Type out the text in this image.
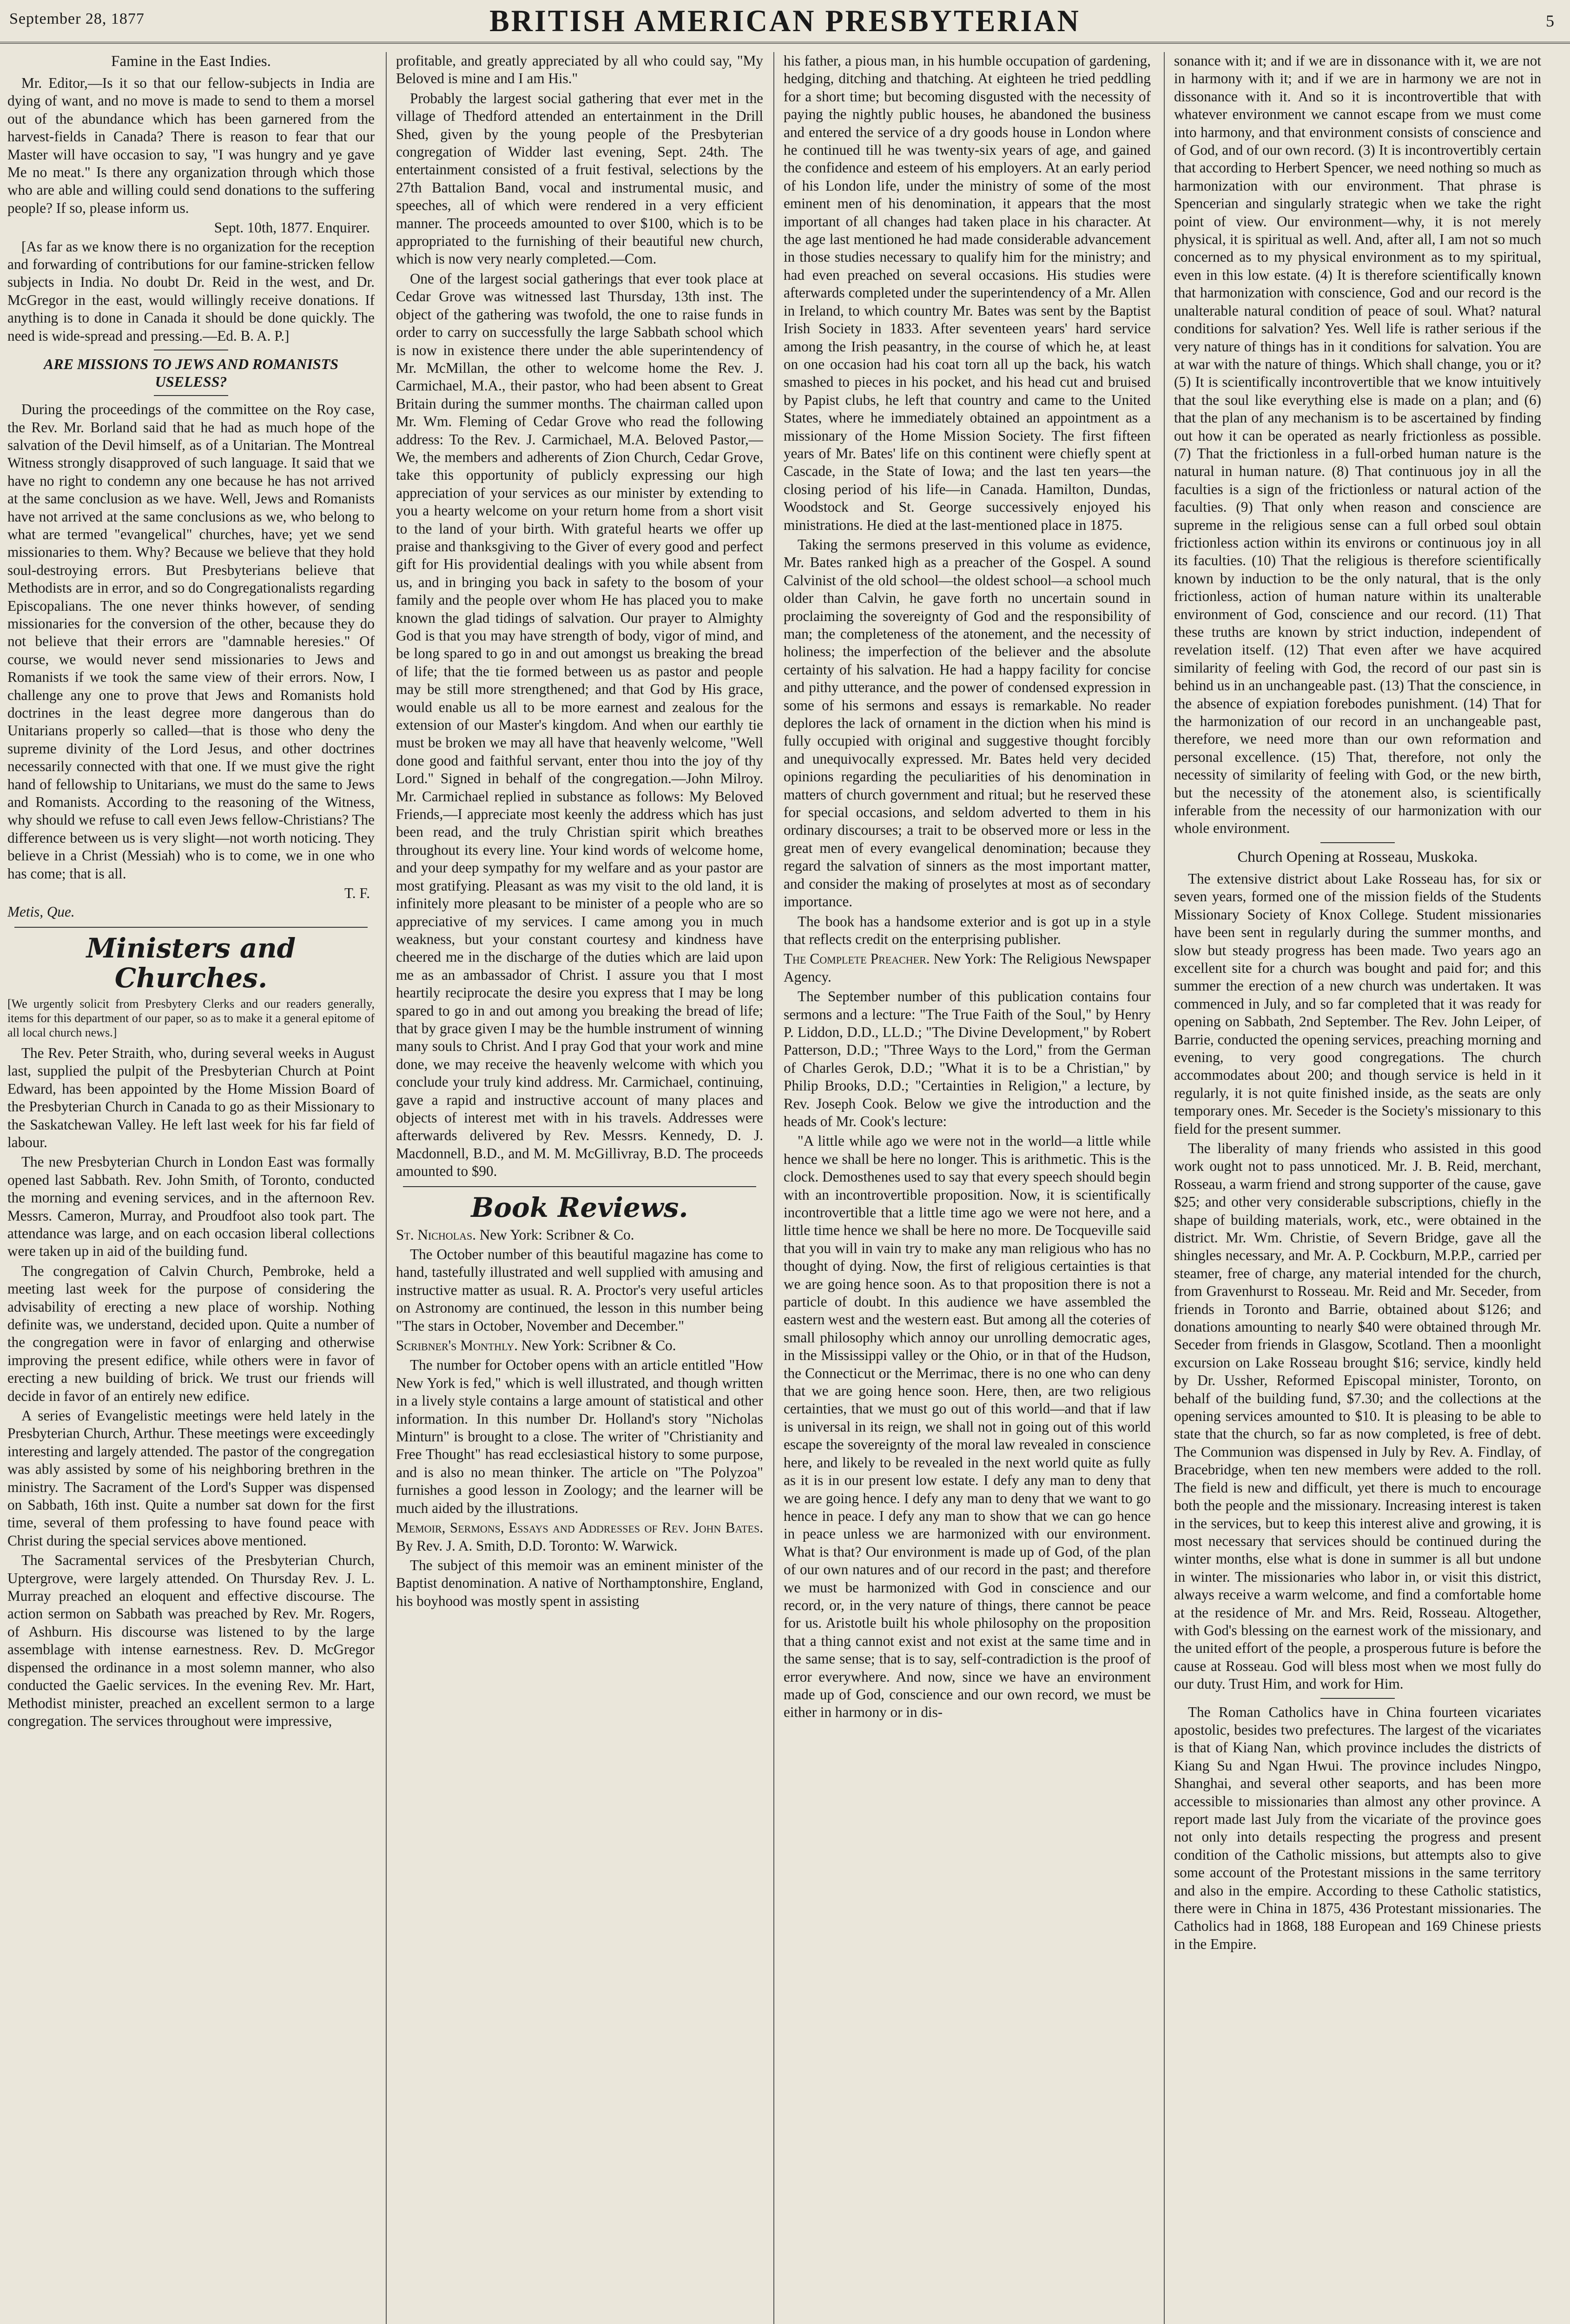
September 28, 1877	BRITISH AMERICAN PRESBYTERIAN	5
Famine in the East Indies.

Mr. Editor,—Is it so that our fellow-subjects in India are dying of want, and no move is made to send to them a morsel out of the abundance which has been garnered from the harvest-fields in Canada? There is reason to fear that our Master will have occasion to say, "I was hungry and ye gave Me no meat." Is there any organization through which those who are able and willing could send donations to the suffering people? If so, please inform us.

Sept. 10th, 1877. Enquirer.

[As far as we know there is no organization for the reception and forwarding of contributions for our famine-stricken fellow subjects in India. No doubt Dr. Reid in the west, and Dr. McGregor in the east, would willingly receive donations. If anything is to done in Canada it should be done quickly. The need is wide-spread and pressing.—Ed. B. A. P.]

ARE MISSIONS TO JEWS AND ROMANISTS USELESS?

During the proceedings of the committee on the Roy case, the Rev. Mr. Borland said that he had as much hope of the salvation of the Devil himself, as of a Unitarian. The Montreal Witness strongly disapproved of such language. It said that we have no right to condemn any one because he has not arrived at the same conclusion as we have. Well, Jews and Romanists have not arrived at the same conclusions as we, who belong to what are termed "evangelical" churches, have; yet we send missionaries to them. Why? Because we believe that they hold soul-destroying errors. But Presbyterians believe that Methodists are in error, and so do Congregationalists regarding Episcopalians. The one never thinks however, of sending missionaries for the conversion of the other, because they do not believe that their errors are "damnable heresies." Of course, we would never send missionaries to Jews and Romanists if we took the same view of their errors. Now, I challenge any one to prove that Jews and Romanists hold doctrines in the least degree more dangerous than do Unitarians properly so called—that is those who deny the supreme divinity of the Lord Jesus, and other doctrines necessarily connected with that one. If we must give the right hand of fellowship to Unitarians, we must do the same to Jews and Romanists. According to the reasoning of the Witness, why should we refuse to call even Jews fellow-Christians? The difference between us is very slight—not worth noticing. They believe in a Christ (Messiah) who is to come, we in one who has come; that is all.

T. F.

Metis, Que.

Ministers and Churches.

[We urgently solicit from Presbytery Clerks and our readers generally, items for this department of our paper, so as to make it a general epitome of all local church news.]

The Rev. Peter Straith, who, during several weeks in August last, supplied the pulpit of the Presbyterian Church at Point Edward, has been appointed by the Home Mission Board of the Presbyterian Church in Canada to go as their Missionary to the Saskatchewan Valley. He left last week for his far field of labour.

The new Presbyterian Church in London East was formally opened last Sabbath. Rev. John Smith, of Toronto, conducted the morning and evening services, and in the afternoon Rev. Messrs. Cameron, Murray, and Proudfoot also took part. The attendance was large, and on each occasion liberal collections were taken up in aid of the building fund.

The congregation of Calvin Church, Pembroke, held a meeting last week for the purpose of considering the advisability of erecting a new place of worship. Nothing definite was, we understand, decided upon. Quite a number of the congregation were in favor of enlarging and otherwise improving the present edifice, while others were in favor of erecting a new building of brick. We trust our friends will decide in favor of an entirely new edifice.

A series of Evangelistic meetings were held lately in the Presbyterian Church, Arthur. These meetings were exceedingly interesting and largely attended. The pastor of the congregation was ably assisted by some of his neighboring brethren in the ministry. The Sacrament of the Lord's Supper was dispensed on Sabbath, 16th inst. Quite a number sat down for the first time, several of them professing to have found peace with Christ during the special services above mentioned.

The Sacramental services of the Presbyterian Church, Uptergrove, were largely attended. On Thursday Rev. J. L. Murray preached an eloquent and effective discourse. The action sermon on Sabbath was preached by Rev. Mr. Rogers, of Ashburn. His discourse was listened to by the large assemblage with intense earnestness. Rev. D. McGregor dispensed the ordinance in a most solemn manner, who also conducted the Gaelic services. In the evening Rev. Mr. Hart, Methodist minister, preached an excellent sermon to a large congregation. The services throughout were impressive,

profitable, and greatly appreciated by all who could say, "My Beloved is mine and I am His."

Probably the largest social gathering that ever met in the village of Thedford attended an entertainment in the Drill Shed, given by the young people of the Presbyterian congregation of Widder last evening, Sept. 24th. The entertainment consisted of a fruit festival, selections by the 27th Battalion Band, vocal and instrumental music, and speeches, all of which were rendered in a very efficient manner. The proceeds amounted to over $100, which is to be appropriated to the furnishing of their beautiful new church, which is now very nearly completed.—Com.

One of the largest social gatherings that ever took place at Cedar Grove was witnessed last Thursday, 13th inst. The object of the gathering was twofold, the one to raise funds in order to carry on successfully the large Sabbath school which is now in existence there under the able superintendency of Mr. McMillan, the other to welcome home the Rev. J. Carmichael, M.A., their pastor, who had been absent to Great Britain during the summer months. The chairman called upon Mr. Wm. Fleming of Cedar Grove who read the following address: To the Rev. J. Carmichael, M.A. Beloved Pastor,—We, the members and adherents of Zion Church, Cedar Grove, take this opportunity of publicly expressing our high appreciation of your services as our minister by extending to you a hearty welcome on your return home from a short visit to the land of your birth. With grateful hearts we offer up praise and thanksgiving to the Giver of every good and perfect gift for His providential dealings with you while absent from us, and in bringing you back in safety to the bosom of your family and the people over whom He has placed you to make known the glad tidings of salvation. Our prayer to Almighty God is that you may have strength of body, vigor of mind, and be long spared to go in and out amongst us breaking the bread of life; that the tie formed between us as pastor and people may be still more strengthened; and that God by His grace, would enable us all to be more earnest and zealous for the extension of our Master's kingdom. And when our earthly tie must be broken we may all have that heavenly welcome, "Well done good and faithful servant, enter thou into the joy of thy Lord." Signed in behalf of the congregation.—John Milroy. Mr. Carmichael replied in substance as follows: My Beloved Friends,—I appreciate most keenly the address which has just been read, and the truly Christian spirit which breathes throughout its every line. Your kind words of welcome home, and your deep sympathy for my welfare and as your pastor are most gratifying. Pleasant as was my visit to the old land, it is infinitely more pleasant to be minister of a people who are so appreciative of my services. I came among you in much weakness, but your constant courtesy and kindness have cheered me in the discharge of the duties which are laid upon me as an ambassador of Christ. I assure you that I most heartily reciprocate the desire you express that I may be long spared to go in and out among you breaking the bread of life; that by grace given I may be the humble instrument of winning many souls to Christ. And I pray God that your work and mine done, we may receive the heavenly welcome with which you conclude your truly kind address. Mr. Carmichael, continuing, gave a rapid and instructive account of many places and objects of interest met with in his travels. Addresses were afterwards delivered by Rev. Messrs. Kennedy, D. J. Macdonnell, B.D., and M. M. McGillivray, B.D. The proceeds amounted to $90.

Book Reviews.

St. Nicholas. New York: Scribner & Co.

The October number of this beautiful magazine has come to hand, tastefully illustrated and well supplied with amusing and instructive matter as usual. R. A. Proctor's very useful articles on Astronomy are continued, the lesson in this number being "The stars in October, November and December."

Scribner's Monthly. New York: Scribner & Co.

The number for October opens with an article entitled "How New York is fed," which is well illustrated, and though written in a lively style contains a large amount of statistical and other information. In this number Dr. Holland's story "Nicholas Minturn" is brought to a close. The writer of "Christianity and Free Thought" has read ecclesiastical history to some purpose, and is also no mean thinker. The article on "The Polyzoa" furnishes a good lesson in Zoology; and the learner will be much aided by the illustrations.

Memoir, Sermons, Essays and Addresses of Rev. John Bates. By Rev. J. A. Smith, D.D. Toronto: W. Warwick.

The subject of this memoir was an eminent minister of the Baptist denomination. A native of Northamptonshire, England, his boyhood was mostly spent in assisting

his father, a pious man, in his humble occupation of gardening, hedging, ditching and thatching. At eighteen he tried peddling for a short time; but becoming disgusted with the necessity of paying the nightly public houses, he abandoned the business and entered the service of a dry goods house in London where he continued till he was twenty-six years of age, and gained the confidence and esteem of his employers. At an early period of his London life, under the ministry of some of the most eminent men of his denomination, it appears that the most important of all changes had taken place in his character. At the age last mentioned he had made considerable advancement in those studies necessary to qualify him for the ministry; and had even preached on several occasions. His studies were afterwards completed under the superintendency of a Mr. Allen in Ireland, to which country Mr. Bates was sent by the Baptist Irish Society in 1833. After seventeen years' hard service among the Irish peasantry, in the course of which he, at least on one occasion had his coat torn all up the back, his watch smashed to pieces in his pocket, and his head cut and bruised by Papist clubs, he left that country and came to the United States, where he immediately obtained an appointment as a missionary of the Home Mission Society. The first fifteen years of Mr. Bates' life on this continent were chiefly spent at Cascade, in the State of Iowa; and the last ten years—the closing period of his life—in Canada. Hamilton, Dundas, Woodstock and St. George successively enjoyed his ministrations. He died at the last-mentioned place in 1875.

Taking the sermons preserved in this volume as evidence, Mr. Bates ranked high as a preacher of the Gospel. A sound Calvinist of the old school—the oldest school—a school much older than Calvin, he gave forth no uncertain sound in proclaiming the sovereignty of God and the responsibility of man; the completeness of the atonement, and the necessity of holiness; the imperfection of the believer and the absolute certainty of his salvation. He had a happy facility for concise and pithy utterance, and the power of condensed expression in some of his sermons and essays is remarkable. No reader deplores the lack of ornament in the diction when his mind is fully occupied with original and suggestive thought forcibly and unequivocally expressed. Mr. Bates held very decided opinions regarding the peculiarities of his denomination in matters of church government and ritual; but he reserved these for special occasions, and seldom adverted to them in his ordinary discourses; a trait to be observed more or less in the great men of every evangelical denomination; because they regard the salvation of sinners as the most important matter, and consider the making of proselytes at most as of secondary importance.

The book has a handsome exterior and is got up in a style that reflects credit on the enterprising publisher.

The Complete Preacher. New York: The Religious Newspaper Agency.

The September number of this publication contains four sermons and a lecture: "The True Faith of the Soul," by Henry P. Liddon, D.D., LL.D.; "The Divine Development," by Robert Patterson, D.D.; "Three Ways to the Lord," from the German of Charles Gerok, D.D.; "What it is to be a Christian," by Philip Brooks, D.D.; "Certainties in Religion," a lecture, by Rev. Joseph Cook. Below we give the introduction and the heads of Mr. Cook's lecture:

"A little while ago we were not in the world—a little while hence we shall be here no longer. This is arithmetic. This is the clock. Demosthenes used to say that every speech should begin with an incontrovertible proposition. Now, it is scientifically incontrovertible that a little time ago we were not here, and a little time hence we shall be here no more. De Tocqueville said that you will in vain try to make any man religious who has no thought of dying. Now, the first of religious certainties is that we are going hence soon. As to that proposition there is not a particle of doubt. In this audience we have assembled the eastern west and the western east. But among all the coteries of small philosophy which annoy our unrolling democratic ages, in the Mississippi valley or the Ohio, or in that of the Hudson, the Connecticut or the Merrimac, there is no one who can deny that we are going hence soon. Here, then, are two religious certainties, that we must go out of this world—and that if law is universal in its reign, we shall not in going out of this world escape the sovereignty of the moral law revealed in conscience here, and likely to be revealed in the next world quite as fully as it is in our present low estate. I defy any man to deny that we are going hence. I defy any man to deny that we want to go hence in peace. I defy any man to show that we can go hence in peace unless we are harmonized with our environment. What is that? Our environment is made up of God, of the plan of our own natures and of our record in the past; and therefore we must be harmonized with God in conscience and our record, or, in the very nature of things, there cannot be peace for us. Aristotle built his whole philosophy on the proposition that a thing cannot exist and not exist at the same time and in the same sense; that is to say, self-contradiction is the proof of error everywhere. And now, since we have an environment made up of God, conscience and our own record, we must be either in harmony or in dis-

sonance with it; and if we are in dissonance with it, we are not in harmony with it; and if we are in harmony we are not in dissonance with it. And so it is incontrovertible that with whatever environment we cannot escape from we must come into harmony, and that environment consists of conscience and of God, and of our own record. (3) It is incontrovertibly certain that according to Herbert Spencer, we need nothing so much as harmonization with our environment. That phrase is Spencerian and singularly strategic when we take the right point of view. Our environment—why, it is not merely physical, it is spiritual as well. And, after all, I am not so much concerned as to my physical environment as to my spiritual, even in this low estate. (4) It is therefore scientifically known that harmonization with conscience, God and our record is the unalterable natural condition of peace of soul. What? natural conditions for salvation? Yes. Well life is rather serious if the very nature of things has in it conditions for salvation. You are at war with the nature of things. Which shall change, you or it? (5) It is scientifically incontrovertible that we know intuitively that the soul like everything else is made on a plan; and (6) that the plan of any mechanism is to be ascertained by finding out how it can be operated as nearly frictionless as possible. (7) That the frictionless in a full-orbed human nature is the natural in human nature. (8) That continuous joy in all the faculties is a sign of the frictionless or natural action of the faculties. (9) That only when reason and conscience are supreme in the religious sense can a full orbed soul obtain frictionless action within its environs or continuous joy in all its faculties. (10) That the religious is therefore scientifically known by induction to be the only natural, that is the only frictionless, action of human nature within its unalterable environment of God, conscience and our record. (11) That these truths are known by strict induction, independent of revelation itself. (12) That even after we have acquired similarity of feeling with God, the record of our past sin is behind us in an unchangeable past. (13) That the conscience, in the absence of expiation forebodes punishment. (14) That for the harmonization of our record in an unchangeable past, therefore, we need more than our own reformation and personal excellence. (15) That, therefore, not only the necessity of similarity of feeling with God, or the new birth, but the necessity of the atonement also, is scientifically inferable from the necessity of our harmonization with our whole environment.

Church Opening at Rosseau, Muskoka.

The extensive district about Lake Rosseau has, for six or seven years, formed one of the mission fields of the Students Missionary Society of Knox College. Student missionaries have been sent in regularly during the summer months, and slow but steady progress has been made. Two years ago an excellent site for a church was bought and paid for; and this summer the erection of a new church was undertaken. It was commenced in July, and so far completed that it was ready for opening on Sabbath, 2nd September. The Rev. John Leiper, of Barrie, conducted the opening services, preaching morning and evening, to very good congregations. The church accommodates about 200; and though service is held in it regularly, it is not quite finished inside, as the seats are only temporary ones. Mr. Seceder is the Society's missionary to this field for the present summer.

The liberality of many friends who assisted in this good work ought not to pass unnoticed. Mr. J. B. Reid, merchant, Rosseau, a warm friend and strong supporter of the cause, gave $25; and other very considerable subscriptions, chiefly in the shape of building materials, work, etc., were obtained in the district. Mr. Wm. Christie, of Severn Bridge, gave all the shingles necessary, and Mr. A. P. Cockburn, M.P.P., carried per steamer, free of charge, any material intended for the church, from Gravenhurst to Rosseau. Mr. Reid and Mr. Seceder, from friends in Toronto and Barrie, obtained about $126; and donations amounting to nearly $40 were obtained through Mr. Seceder from friends in Glasgow, Scotland. Then a moonlight excursion on Lake Rosseau brought $16; service, kindly held by Dr. Ussher, Reformed Episcopal minister, Toronto, on behalf of the building fund, $7.30; and the collections at the opening services amounted to $10. It is pleasing to be able to state that the church, so far as now completed, is free of debt. The Communion was dispensed in July by Rev. A. Findlay, of Bracebridge, when ten new members were added to the roll. The field is new and difficult, yet there is much to encourage both the people and the missionary. Increasing interest is taken in the services, but to keep this interest alive and growing, it is most necessary that services should be continued during the winter months, else what is done in summer is all but undone in winter. The missionaries who labor in, or visit this district, always receive a warm welcome, and find a comfortable home at the residence of Mr. and Mrs. Reid, Rosseau. Altogether, with God's blessing on the earnest work of the missionary, and the united effort of the people, a prosperous future is before the cause at Rosseau. God will bless most when we most fully do our duty. Trust Him, and work for Him.

The Roman Catholics have in China fourteen vicariates apostolic, besides two prefectures. The largest of the vicariates is that of Kiang Nan, which province includes the districts of Kiang Su and Ngan Hwui. The province includes Ningpo, Shanghai, and several other seaports, and has been more accessible to missionaries than almost any other province. A report made last July from the vicariate of the province goes not only into details respecting the progress and present condition of the Catholic missions, but attempts also to give some account of the Protestant missions in the same territory and also in the empire. According to these Catholic statistics, there were in China in 1875, 436 Protestant missionaries. The Catholics had in 1868, 188 European and 169 Chinese priests in the Empire.
